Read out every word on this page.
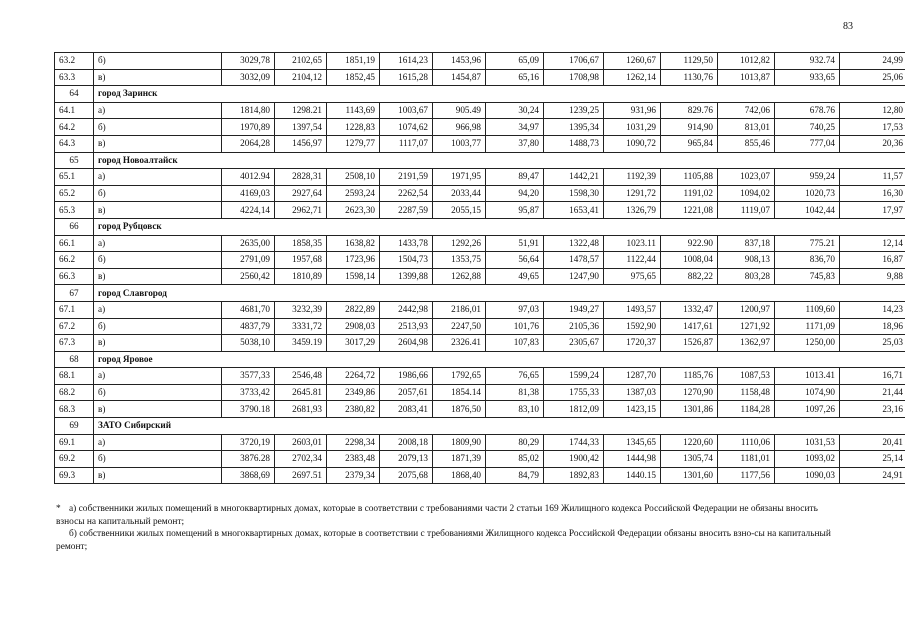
83
63.2	б)	3029,78	2102,65	1851,19	1614,23	1453,96	65,09	1706,67	1260,67	1129,50	1012,82	932.74	24,99
63.3	в)	3032,09	2104,12	1852,45	1615,28	1454,87	65,16	1708,98	1262,14	1130,76	1013,87	933,65	25,06
64	город Заринск												
64.1	а)	1814,80	1298.21	1143,69	1003,67	905.49	30,24	1239,25	931,96	829.76	742,06	678.76	12,80
64.2	б)	1970,89	1397,54	1228,83	1074,62	966,98	34,97	1395,34	1031,29	914,90	813,01	740,25	17,53
64.3	в)	2064,28	1456,97	1279,77	1117,07	1003,77	37,80	1488,73	1090,72	965,84	855,46	777,04	20,36
65	город Новоалтайск												
65.1	а)	4012.94	2828,31	2508,10	2191,59	1971,95	89,47	1442,21	1192,39	1105,88	1023,07	959,24	11,57
65.2	б)	4169,03	2927,64	2593,24	2262,54	2033,44	94,20	1598,30	1291,72	1191,02	1094,02	1020,73	16,30
65.3	в)	4224,14	2962,71	2623,30	2287,59	2055,15	95,87	1653,41	1326,79	1221,08	1119,07	1042,44	17,97
66	город Рубцовск												
66.1	а)	2635,00	1858,35	1638,82	1433,78	1292,26	51,91	1322,48	1023.11	922.90	837,18	775.21	12,14
66.2	б)	2791,09	1957,68	1723,96	1504,73	1353,75	56,64	1478,57	1122,44	1008,04	908,13	836,70	16,87
66.3	в)	2560,42	1810,89	1598,14	1399,88	1262,88	49,65	1247,90	975,65	882,22	803,28	745,83	9,88
67	город Славгород												
67.1	а)	4681,70	3232,39	2822,89	2442,98	2186,01	97,03	1949,27	1493,57	1332,47	1200,97	1109,60	14,23
67.2	б)	4837,79	3331,72	2908,03	2513,93	2247,50	101,76	2105,36	1592,90	1417,61	1271,92	1171,09	18,96
67.3	в)	5038,10	3459.19	3017,29	2604,98	2326.41	107,83	2305,67	1720,37	1526,87	1362,97	1250,00	25,03
68	город Яровое												
68.1	а)	3577,33	2546,48	2264,72	1986,66	1792,65	76,65	1599,24	1287,70	1185,76	1087,53	1013.41	16,71
68.2	б)	3733,42	2645.81	2349,86	2057,61	1854.14	81,38	1755,33	1387,03	1270,90	1158,48	1074,90	21,44
68.3	в)	3790.18	2681,93	2380,82	2083,41	1876,50	83,10	1812,09	1423,15	1301,86	1184,28	1097,26	23,16
69	ЗАТО Сибирский												
69.1	а)	3720,19	2603,01	2298,34	2008,18	1809,90	80,29	1744,33	1345,65	1220,60	1110,06	1031,53	20,41
69.2	б)	3876.28	2702,34	2383,48	2079,13	1871,39	85,02	1900,42	1444,98	1305,74	1181,01	1093,02	25,14
69.3	в)	3868,69	2697.51	2379,34	2075,68	1868,40	84,79	1892,83	1440.15	1301,60	1177,56	1090,03	24,91
* а) собственники жилых помещений в многоквартирных домах, которые в соответствии с требованиями части 2 статьи 169 Жилищного кодекса Российской Федерации не обязаны вносить взносы на капитальный ремонт;
б) собственники жилых помещений в многоквартирных домах, которые в соответствии с требованиями Жилищного кодекса Российской Федерации обязаны вносить взно-сы на капитальный ремонт;
